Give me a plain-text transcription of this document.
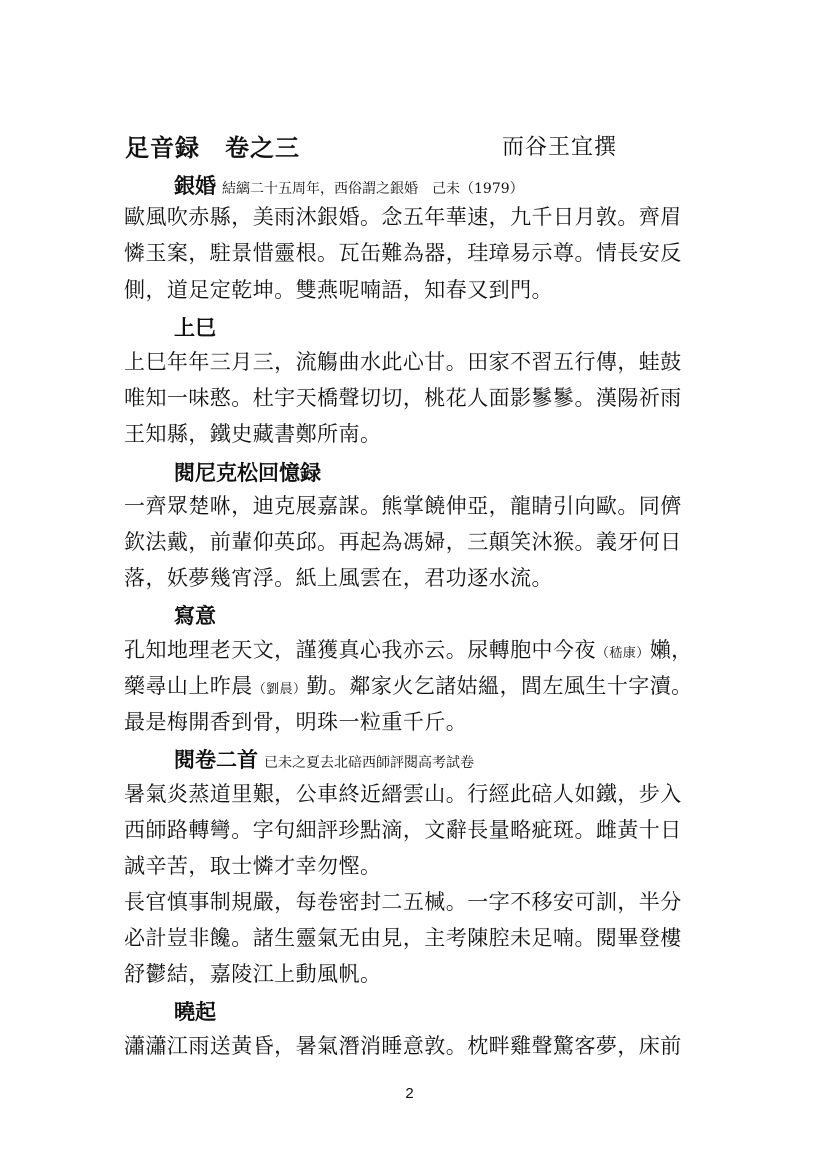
足音録　卷之三	而谷王宜撰
銀婚 結縭二十五周年，西俗謂之銀婚　己未（1979）
歐風吹赤縣，美雨沐銀婚。念五年華速，九千日月敦。齊眉
憐玉案，駐景惜靈根。瓦缶難為器，珪璋易示尊。情長安反
側，道足定乾坤。雙燕呢喃語，知春又到門。
上巳
上巳年年三月三，流觴曲水此心甘。田家不習五行傳，蛙鼓
唯知一味憨。杜宇天橋聲切切，桃花人面影鬖鬖。漢陽祈雨
王知縣，鐵史藏書鄭所南。
閱尼克松回憶録
一齊眾楚咻，迪克展嘉謀。熊掌饒伸亞，龍睛引向歐。同儕
欽法戴，前輩仰英邱。再起為馮婦，三顛笑沐猴。義牙何日
落，妖夢幾宵浮。紙上風雲在，君功逐水流。
寫意
孔知地理老天文，謹獲真心我亦云。尿轉胞中今夜（嵇康）嬾，
藥尋山上昨晨（劉晨）勤。鄰家火乞諸姑縕，閭左風生十字瀆。
最是梅開香到骨，明珠一粒重千斤。
閱卷二首 已未之夏去北碚西師評閱高考試卷
暑氣炎蒸道里艱，公車終近縉雲山。行經此碚人如鐵，步入
西師路轉彎。字句細評珍點滴，文辭長量略疵斑。雌黃十日
誠辛苦，取士憐才幸勿慳。
長官慎事制規嚴，每卷密封二五椷。一字不移安可訓，半分
必計豈非饞。諸生靈氣无由見，主考陳腔未足喃。閱畢登樓
舒鬱結，嘉陵江上動風帆。
曉起
瀟瀟江雨送黃昏，暑氣潛消睡意敦。枕畔雞聲驚客夢，床前
2
